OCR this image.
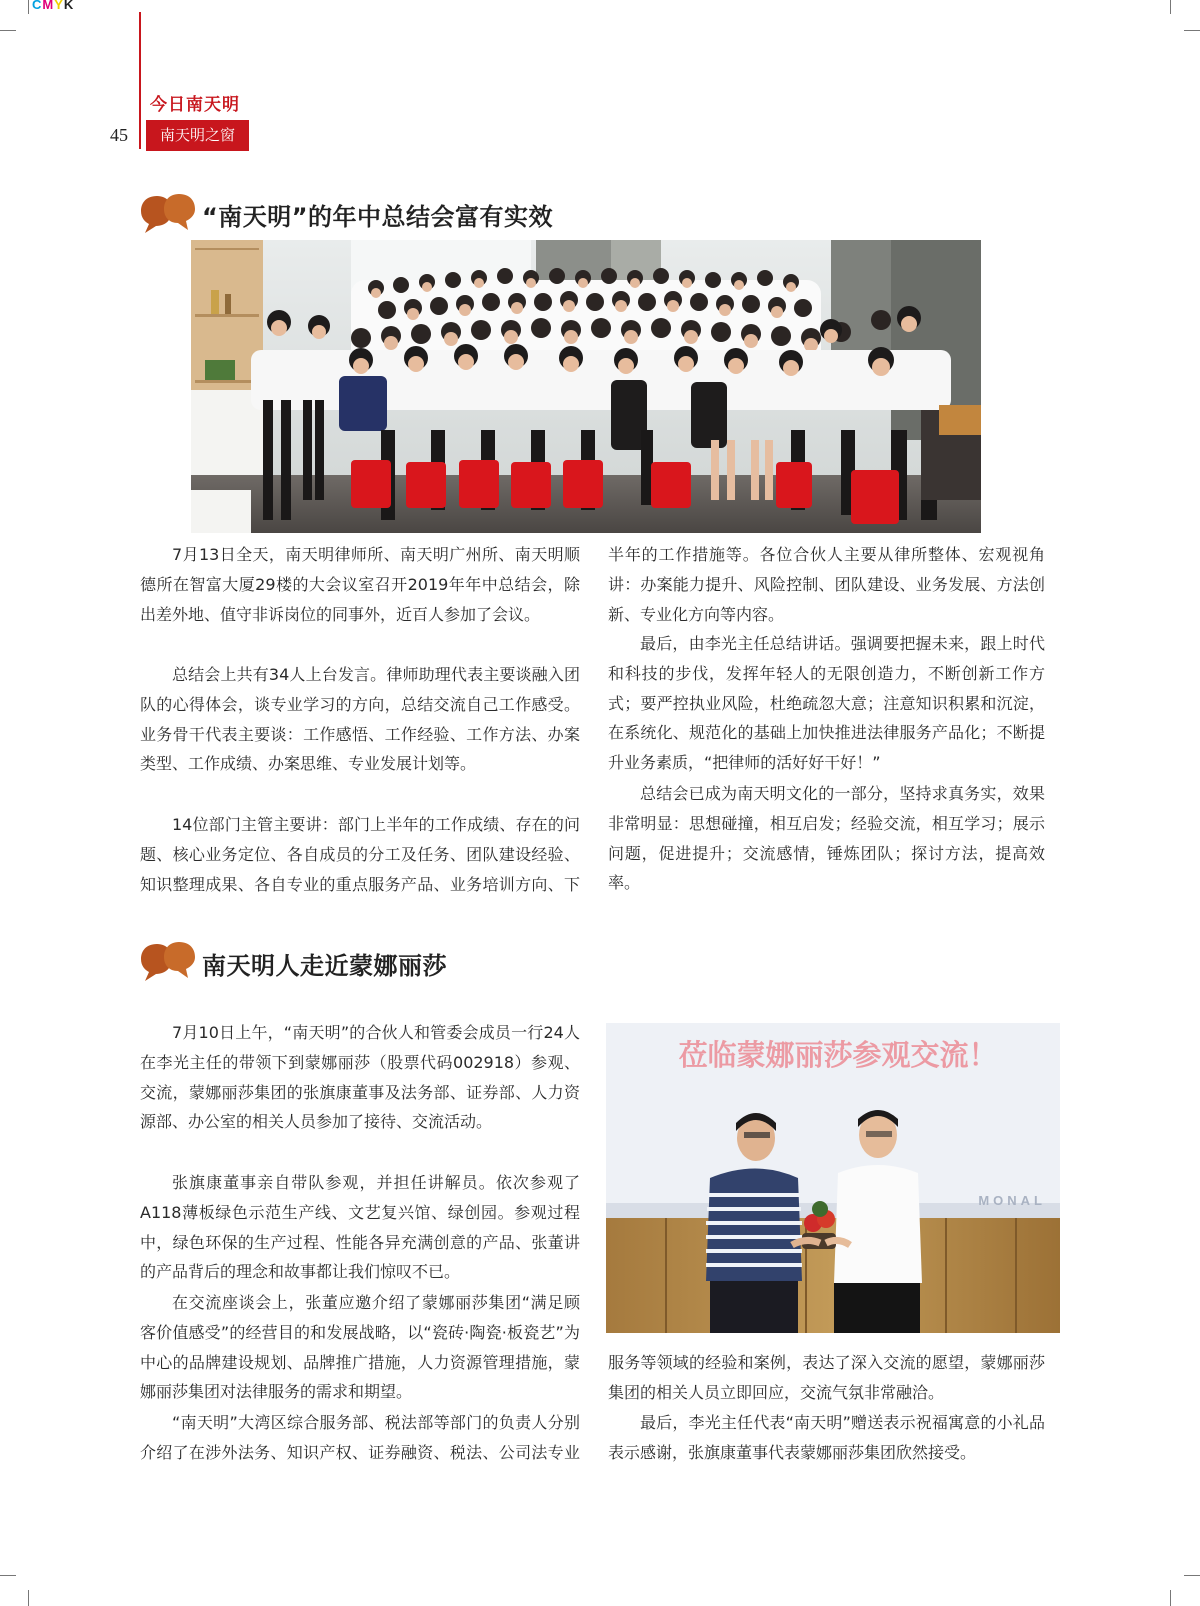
CMYK
今日南天明
45	南天明之窗
“南天明”的年中总结会富有实效

7月13日全天，南天明律师所、南天明广州所、南天明顺德所在智富大厦29楼的大会议室召开2019年年中总结会，除出差外地、值守非诉岗位的同事外，近百人参加了会议。

总结会上共有34人上台发言。律师助理代表主要谈融入团队的心得体会，谈专业学习的方向，总结交流自己工作感受。业务骨干代表主要谈：工作感悟、工作经验、工作方法、办案类型、工作成绩、办案思维、专业发展计划等。

14位部门主管主要讲：部门上半年的工作成绩、存在的问题、核心业务定位、各自成员的分工及任务、团队建设经验、知识整理成果、各自专业的重点服务产品、业务培训方向、下

半年的工作措施等。各位合伙人主要从律所整体、宏观视角讲：办案能力提升、风险控制、团队建设、业务发展、方法创新、专业化方向等内容。

最后，由李光主任总结讲话。强调要把握未来，跟上时代和科技的步伐，发挥年轻人的无限创造力，不断创新工作方式；要严控执业风险，杜绝疏忽大意；注意知识积累和沉淀，在系统化、规范化的基础上加快推进法律服务产品化；不断提升业务素质，“把律师的活好好干好！”

总结会已成为南天明文化的一部分，坚持求真务实，效果非常明显：思想碰撞，相互启发；经验交流，相互学习；展示问题，促进提升；交流感情，锤炼团队；探讨方法，提高效率。

南天明人走近蒙娜丽莎

7月10日上午，“南天明”的合伙人和管委会成员一行24人在李光主任的带领下到蒙娜丽莎（股票代码002918）参观、交流，蒙娜丽莎集团的张旗康董事及法务部、证券部、人力资源部、办公室的相关人员参加了接待、交流活动。

张旗康董事亲自带队参观，并担任讲解员。依次参观了A118薄板绿色示范生产线、文艺复兴馆、绿创园。参观过程中，绿色环保的生产过程、性能各异充满创意的产品、张董讲的产品背后的理念和故事都让我们惊叹不已。

在交流座谈会上，张董应邀介绍了蒙娜丽莎集团“满足顾客价值感受”的经营目的和发展战略，以“瓷砖·陶瓷·板瓷艺”为中心的品牌建设规划、品牌推广措施，人力资源管理措施，蒙娜丽莎集团对法律服务的需求和期望。

“南天明”大湾区综合服务部、税法部等部门的负责人分别介绍了在涉外法务、知识产权、证券融资、税法、公司法专业

莅临蒙娜丽莎参观交流！
MONAL

服务等领域的经验和案例，表达了深入交流的愿望，蒙娜丽莎集团的相关人员立即回应，交流气氛非常融洽。

最后，李光主任代表“南天明”赠送表示祝福寓意的小礼品表示感谢，张旗康董事代表蒙娜丽莎集团欣然接受。
